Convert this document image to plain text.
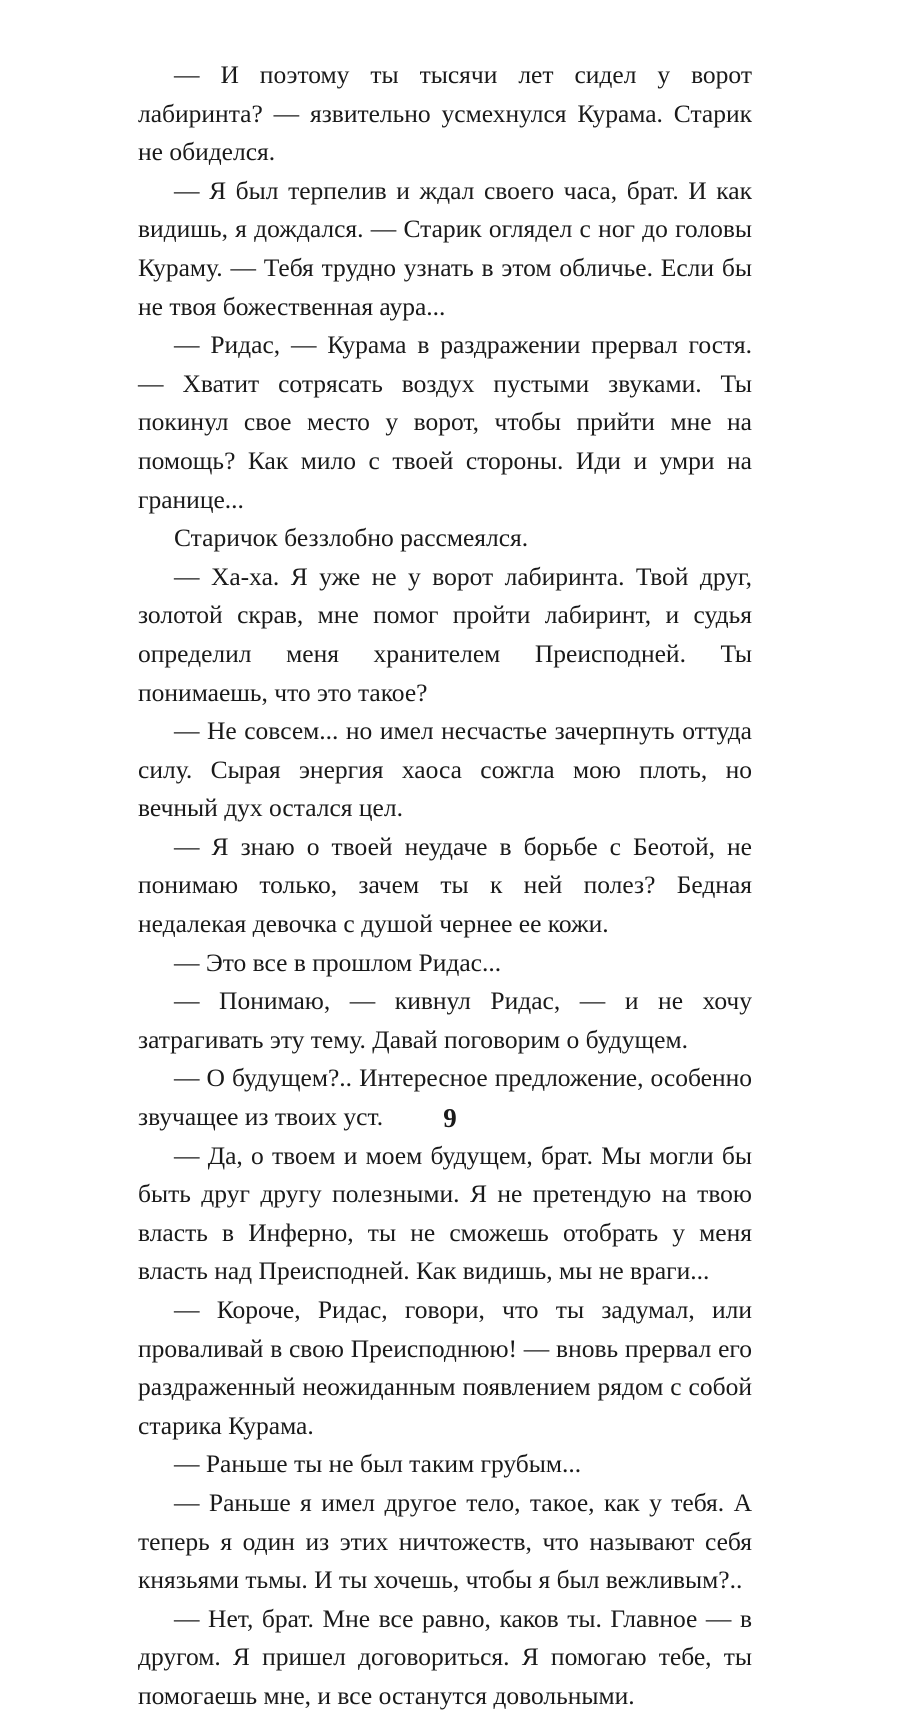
— И поэтому ты тысячи лет сидел у ворот лабиринта? — язвительно усмехнулся Курама. Старик не обиделся.

— Я был терпелив и ждал своего часа, брат. И как видишь, я дождался. — Старик оглядел с ног до головы Кураму. — Тебя трудно узнать в этом обличье. Если бы не твоя божественная аура...

— Ридас, — Курама в раздражении прервал гостя. — Хватит сотрясать воздух пустыми звуками. Ты покинул свое место у ворот, чтобы прийти мне на помощь? Как мило с твоей стороны. Иди и умри на границе...

Старичок беззлобно рассмеялся.

— Ха-ха. Я уже не у ворот лабиринта. Твой друг, золотой скрав, мне помог пройти лабиринт, и судья определил меня хранителем Преисподней. Ты понимаешь, что это такое?

— Не совсем... но имел несчастье зачерпнуть оттуда силу. Сырая энергия хаоса сожгла мою плоть, но вечный дух остался цел.

— Я знаю о твоей неудаче в борьбе с Беотой, не понимаю только, зачем ты к ней полез? Бедная недалекая девочка с душой чернее ее кожи.

— Это все в прошлом Ридас...

— Понимаю, — кивнул Ридас, — и не хочу затрагивать эту тему. Давай поговорим о будущем.

— О будущем?.. Интересное предложение, особенно звучащее из твоих уст.

— Да, о твоем и моем будущем, брат. Мы могли бы быть друг другу полезными. Я не претендую на твою власть в Инферно, ты не сможешь отобрать у меня власть над Преисподней. Как видишь, мы не враги...

— Короче, Ридас, говори, что ты задумал, или проваливай в свою Преисподнюю! — вновь прервал его раздраженный неожиданным появлением рядом с собой старика Курама.

— Раньше ты не был таким грубым...

— Раньше я имел другое тело, такое, как у тебя. А теперь я один из этих ничтожеств, что называют себя князьями тьмы. И ты хочешь, чтобы я был вежливым?..

— Нет, брат. Мне все равно, каков ты. Главное — в другом. Я пришел договориться. Я помогаю тебе, ты помогаешь мне, и все останутся довольными.

9
